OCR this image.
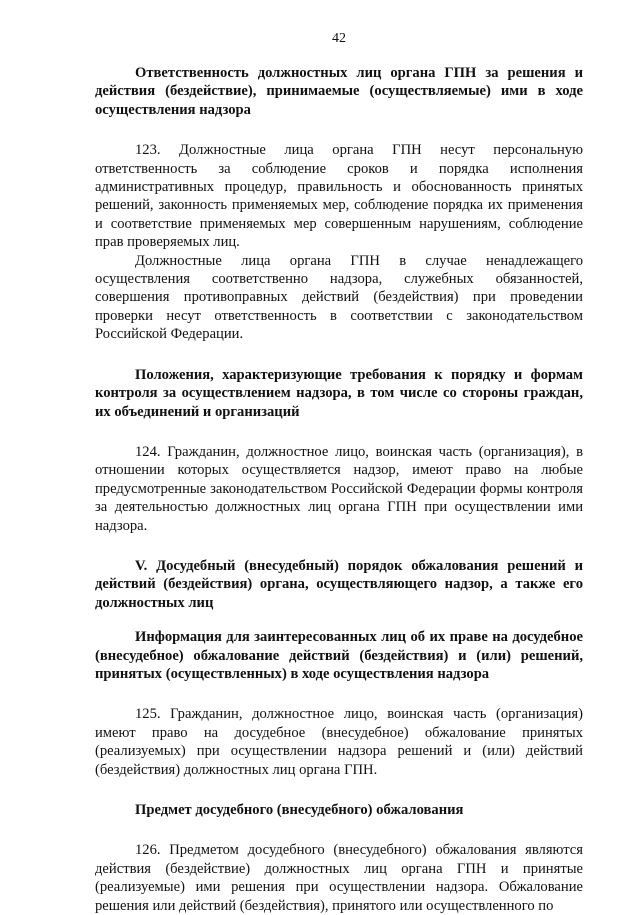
42

Ответственность должностных лиц органа ГПН за решения и действия (бездействие), принимаемые (осуществляемые) ими в ходе осуществления надзора

123. Должностные лица органа ГПН несут персональную ответственность за соблюдение сроков и порядка исполнения административных процедур, правильность и обоснованность принятых решений, законность применяемых мер, соблюдение порядка их применения и соответствие применяемых мер совершенным нарушениям, соблюдение прав проверяемых лиц.

Должностные лица органа ГПН в случае ненадлежащего осуществления соответственно надзора, служебных обязанностей, совершения противоправных действий (бездействия) при проведении проверки несут ответственность в соответствии с законодательством Российской Федерации.

Положения, характеризующие требования к порядку и формам контроля за осуществлением надзора, в том числе со стороны граждан, их объединений и организаций

124. Гражданин, должностное лицо, воинская часть (организация), в отношении которых осуществляется надзор, имеют право на любые предусмотренные законодательством Российской Федерации формы контроля за деятельностью должностных лиц органа ГПН при осуществлении ими надзора.

V. Досудебный (внесудебный) порядок обжалования решений и действий (бездействия) органа, осуществляющего надзор, а также его должностных лиц

Информация для заинтересованных лиц об их праве на досудебное (внесудебное) обжалование действий (бездействия) и (или) решений, принятых (осуществленных) в ходе осуществления надзора

125. Гражданин, должностное лицо, воинская часть (организация) имеют право на досудебное (внесудебное) обжалование принятых (реализуемых) при осуществлении надзора решений и (или) действий (бездействия) должностных лиц органа ГПН.

Предмет досудебного (внесудебного) обжалования

126. Предметом досудебного (внесудебного) обжалования являются действия (бездействие) должностных лиц органа ГПН и принятые (реализуемые) ими решения при осуществлении надзора. Обжалование решения или действий (бездействия), принятого или осуществленного по
